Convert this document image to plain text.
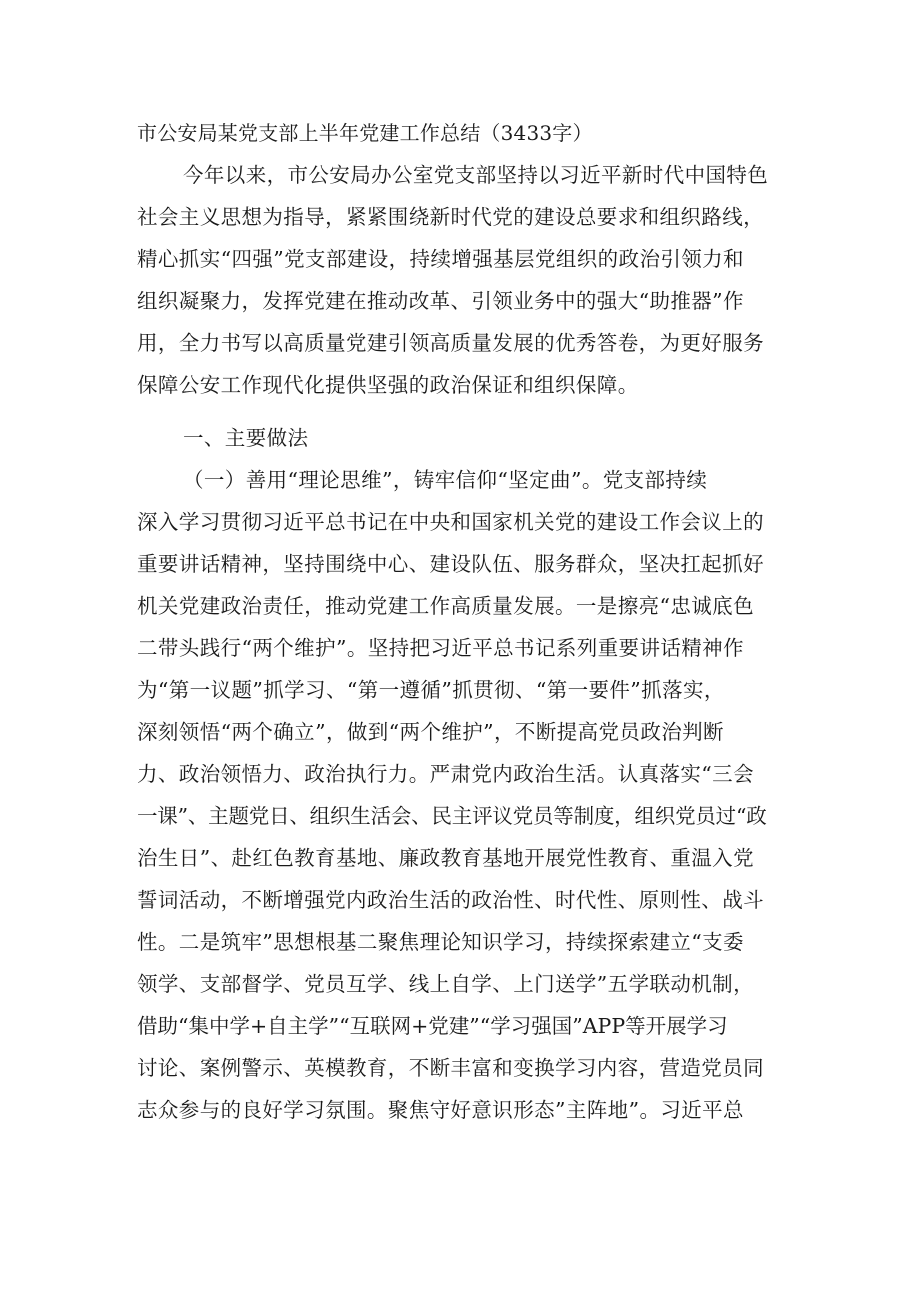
市公安局某党支部上半年党建工作总结（3433字）
今年以来，市公安局办公室党支部坚持以习近平新时代中国特色
社会主义思想为指导，紧紧围绕新时代党的建设总要求和组织路线，
精心抓实“四强”党支部建设，持续增强基层党组织的政治引领力和
组织凝聚力，发挥党建在推动改革、引领业务中的强大“助推器”作
用，全力书写以高质量党建引领高质量发展的优秀答卷，为更好服务
保障公安工作现代化提供坚强的政治保证和组织保障。
一、主要做法
（一）善用“理论思维”，铸牢信仰“坚定曲”。党支部持续
深入学习贯彻习近平总书记在中央和国家机关党的建设工作会议上的
重要讲话精神，坚持围绕中心、建设队伍、服务群众，坚决扛起抓好
机关党建政治责任，推动党建工作高质量发展。一是擦亮“忠诚底色
二带头践行“两个维护”。坚持把习近平总书记系列重要讲话精神作
为“第一议题”抓学习、“第一遵循”抓贯彻、“第一要件”抓落实，
深刻领悟“两个确立”，做到“两个维护”，不断提高党员政治判断
力、政治领悟力、政治执行力。严肃党内政治生活。认真落实“三会
一课”、主题党日、组织生活会、民主评议党员等制度，组织党员过“政
治生日”、赴红色教育基地、廉政教育基地开展党性教育、重温入党
誓词活动，不断增强党内政治生活的政治性、时代性、原则性、战斗
性。二是筑牢”思想根基二聚焦理论知识学习，持续探索建立“支委
领学、支部督学、党员互学、线上自学、上门送学”五学联动机制，
借助“集中学+自主学”“互联网+党建”“学习强国”APP等开展学习
讨论、案例警示、英模教育，不断丰富和变换学习内容，营造党员同
志众参与的良好学习氛围。聚焦守好意识形态”主阵地”。习近平总
